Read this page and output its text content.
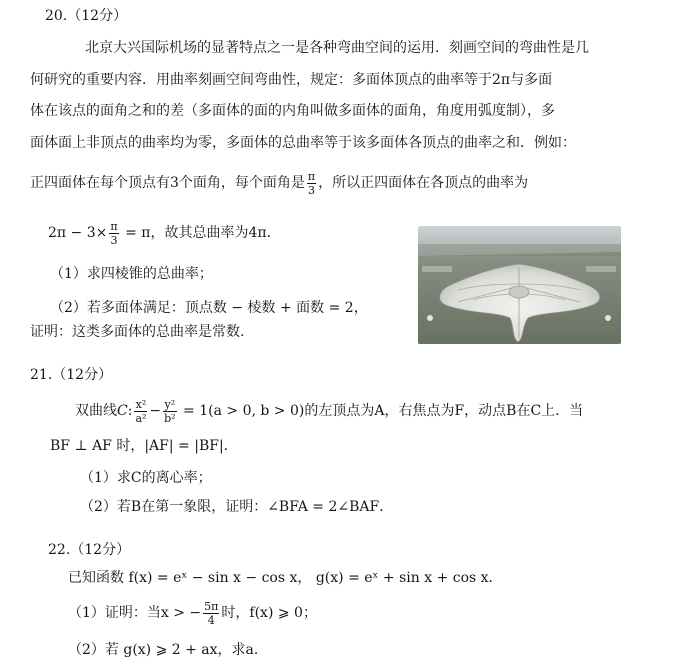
20.（12分）
北京大兴国际机场的显著特点之一是各种弯曲空间的运用．刻画空间的弯曲性是几
何研究的重要内容．用曲率刻画空间弯曲性，规定：多面体顶点的曲率等于2π与多面
体在该点的面角之和的差（多面体的面的内角叫做多面体的面角，角度用弧度制），多
面体面上非顶点的曲率均为零，多面体的总曲率等于该多面体各顶点的曲率之和．例如：
正四面体在每个顶点有3个面角，每个面角是 $\frac{\pi}{3}$ ，所以正四面体在各顶点的曲率为
$2\pi - 3\times \frac{\pi}{3} = \pi$，故其总曲率为4π．
（1）求四棱锥的总曲率；
（2）若多面体满足：顶点数 − 棱数 + 面数 = 2，
证明：这类多面体的总曲率是常数.
21.（12分）
双曲线C: $\frac{\text{x²}}{\text{a²}} - \frac{\text{y²}}{\text{b²}} = 1(a > 0$, b > 0)的左顶点为A，右焦点为F，动点B在C上．当
BF ⊥ AF 时，|AF| = |BF|．
（1）求C的离心率；
（2）若B在第一象限，证明：∠BFA = 2∠BAF．
22.（12分）
已知函数 f(x) = eˣ − sin x − cos x， g(x) = eˣ + sin x + cos x．
（1）证明：当x > − $\frac{5\pi}{4}$ 时，f(x) ⩾ 0；
（2）若 g(x) ⩾ 2 + ax，求a．
